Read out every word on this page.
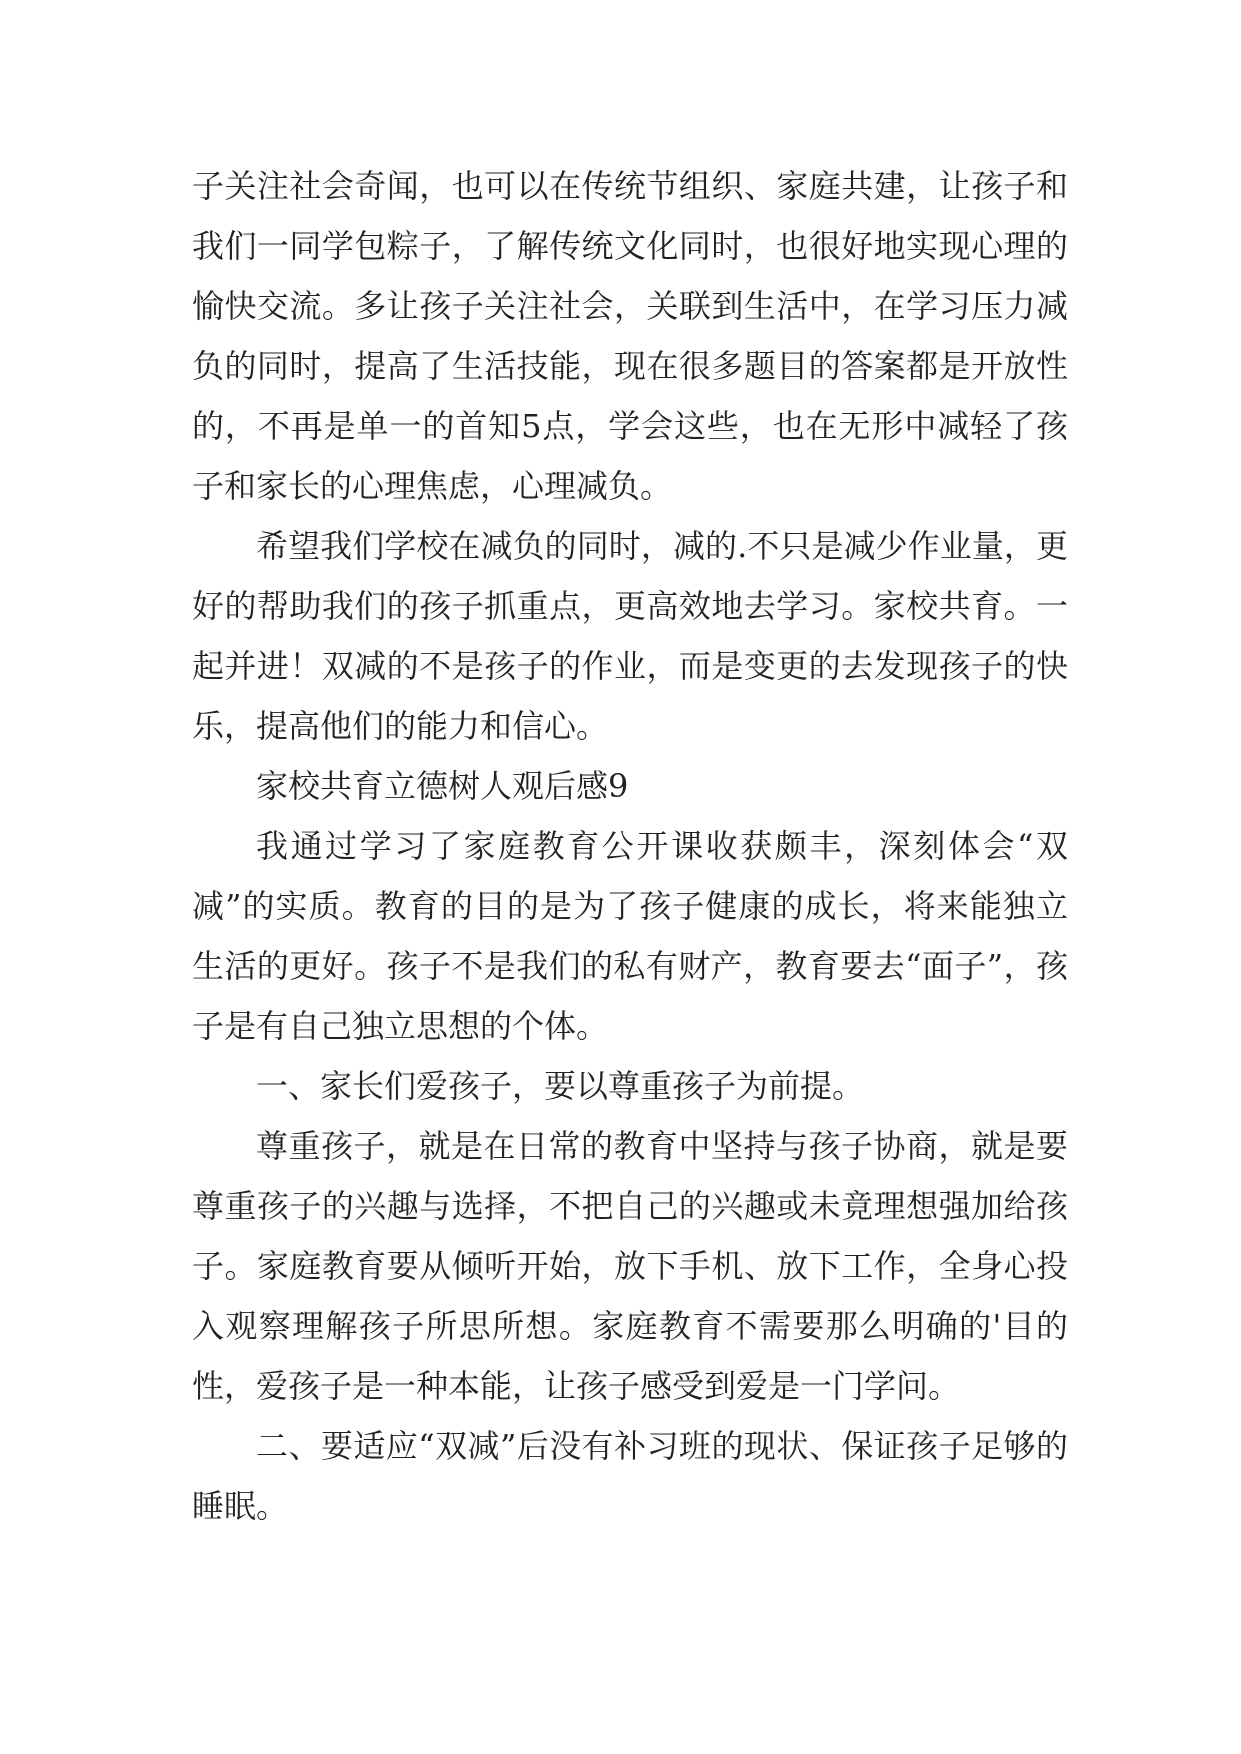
子关注社会奇闻，也可以在传统节组织、家庭共建，让孩子和我们一同学包粽子，了解传统文化同时，也很好地实现心理的愉快交流。多让孩子关注社会，关联到生活中，在学习压力减负的同时，提高了生活技能，现在很多题目的答案都是开放性的，不再是单一的首知5点，学会这些，也在无形中减轻了孩子和家长的心理焦虑，心理减负。

希望我们学校在减负的同时，减的.不只是减少作业量，更好的帮助我们的孩子抓重点，更高效地去学习。家校共育。一起并进！双减的不是孩子的作业，而是变更的去发现孩子的快乐，提高他们的能力和信心。

家校共育立德树人观后感9

我通过学习了家庭教育公开课收获颇丰，深刻体会“双减”的实质。教育的目的是为了孩子健康的成长，将来能独立生活的更好。孩子不是我们的私有财产，教育要去“面子”，孩子是有自己独立思想的个体。

一、家长们爱孩子，要以尊重孩子为前提。

尊重孩子，就是在日常的教育中坚持与孩子协商，就是要尊重孩子的兴趣与选择，不把自己的兴趣或未竟理想强加给孩子。家庭教育要从倾听开始，放下手机、放下工作，全身心投入观察理解孩子所思所想。家庭教育不需要那么明确的'目的性，爱孩子是一种本能，让孩子感受到爱是一门学问。

二、要适应“双减”后没有补习班的现状、保证孩子足够的睡眠。
